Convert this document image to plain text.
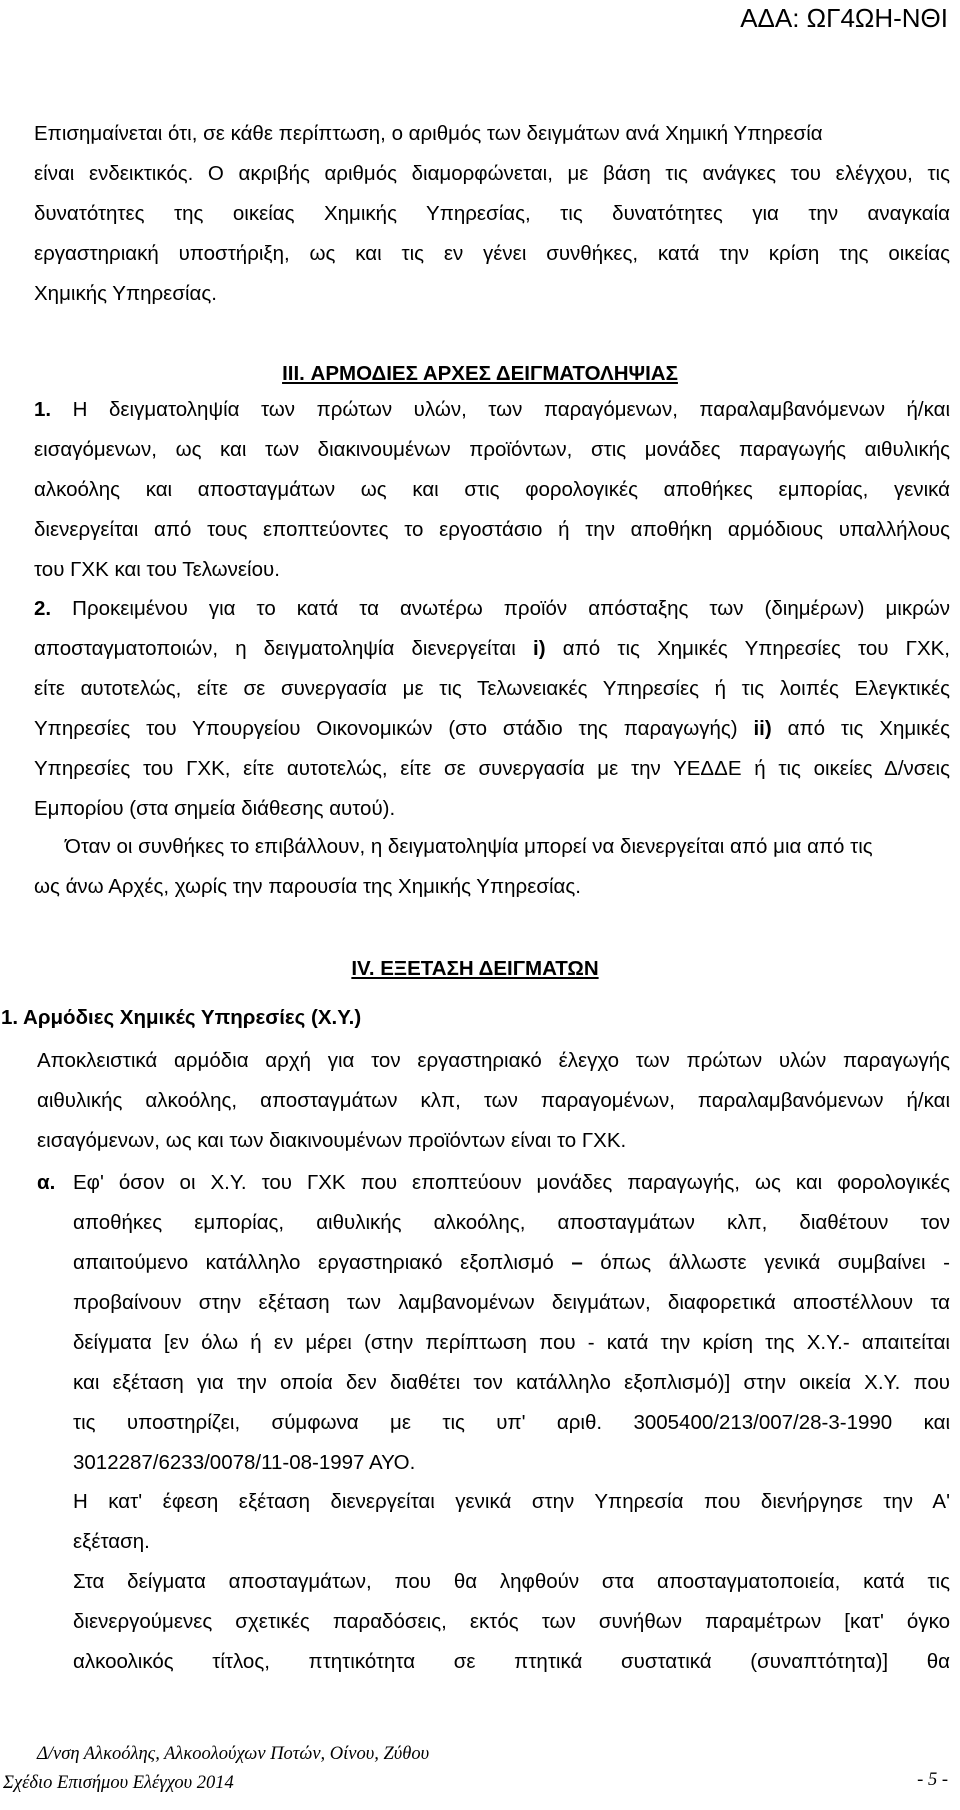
ΑΔΑ: ΩΓ4ΩΗ-ΝΘΙ
Επισημαίνεται ότι, σε κάθε περίπτωση, ο αριθμός των δειγμάτων ανά Χημική Υπηρεσία
είναι ενδεικτικός. Ο ακριβής αριθμός διαμορφώνεται, με βάση τις ανάγκες του ελέγχου, τις
δυνατότητες της οικείας Χημικής Υπηρεσίας, τις δυνατότητες για την αναγκαία
εργαστηριακή υποστήριξη, ως και τις εν γένει συνθήκες, κατά την κρίση της οικείας
Χημικής Υπηρεσίας.
III. ΑΡΜΟΔΙΕΣ ΑΡΧΕΣ ΔΕΙΓΜΑΤΟΛΗΨΙΑΣ
1. Η δειγματοληψία των πρώτων υλών, των παραγόμενων, παραλαμβανόμενων ή/και
εισαγόμενων, ως και των διακινουμένων προϊόντων, στις μονάδες παραγωγής αιθυλικής
αλκοόλης και αποσταγμάτων ως και στις φορολογικές αποθήκες εμπορίας, γενικά
διενεργείται από τους εποπτεύοντες το εργοστάσιο ή την αποθήκη αρμόδιους υπαλλήλους
του ΓΧΚ και του Τελωνείου.
2. Προκειμένου για το κατά τα ανωτέρω προϊόν απόσταξης των (διημέρων) μικρών
αποσταγματοποιών, η δειγματοληψία διενεργείται i) από τις Χημικές Υπηρεσίες του ΓΧΚ,
είτε αυτοτελώς, είτε σε συνεργασία με τις Τελωνειακές Υπηρεσίες ή τις λοιπές Ελεγκτικές
Υπηρεσίες του Υπουργείου Οικονομικών (στο στάδιο της παραγωγής) ii) από τις Χημικές
Υπηρεσίες του ΓΧΚ, είτε αυτοτελώς, είτε σε συνεργασία με την ΥΕΔΔΕ ή τις οικείες Δ/νσεις
Εμπορίου (στα σημεία διάθεσης αυτού).
Όταν οι συνθήκες το επιβάλλουν, η δειγματοληψία μπορεί να διενεργείται από μια από τις
ως άνω Αρχές, χωρίς την παρουσία της Χημικής Υπηρεσίας.
IV. ΕΞΕΤΑΣΗ ΔΕΙΓΜΑΤΩΝ
1. Αρμόδιες Χημικές Υπηρεσίες (Χ.Υ.)
Αποκλειστικά αρμόδια αρχή για τον εργαστηριακό έλεγχο των πρώτων υλών παραγωγής
αιθυλικής αλκοόλης, αποσταγμάτων κλπ, των παραγομένων, παραλαμβανόμενων ή/και
εισαγόμενων, ως και των διακινουμένων προϊόντων είναι το ΓΧΚ.
α. Εφ' όσον οι Χ.Υ. του ΓΧΚ που εποπτεύουν μονάδες παραγωγής, ως και φορολογικές
αποθήκες εμπορίας, αιθυλικής αλκοόλης, αποσταγμάτων κλπ, διαθέτουν τον
απαιτούμενο κατάλληλο εργαστηριακό εξοπλισμό – όπως άλλωστε γενικά συμβαίνει -
προβαίνουν στην εξέταση των λαμβανομένων δειγμάτων, διαφορετικά αποστέλλουν τα
δείγματα [εν όλω ή εν μέρει (στην περίπτωση που - κατά την κρίση της Χ.Υ.- απαιτείται
και εξέταση για την οποία δεν διαθέτει τον κατάλληλο εξοπλισμό)] στην οικεία Χ.Υ. που
τις υποστηρίζει, σύμφωνα με τις υπ' αριθ. 3005400/213/007/28-3-1990 και
3012287/6233/0078/11-08-1997 ΑΥΟ.
Η κατ' έφεση εξέταση διενεργείται γενικά στην Υπηρεσία που διενήργησε την Α'
εξέταση.
Στα δείγματα αποσταγμάτων, που θα ληφθούν στα αποσταγματοποιεία, κατά τις
διενεργούμενες σχετικές παραδόσεις, εκτός των συνήθων παραμέτρων [κατ' όγκο
αλκοολικός τίτλος, πτητικότητα σε πτητικά συστατικά (συναπτότητα)] θα
Δ/νση Αλκοόλης, Αλκοολούχων Ποτών, Οίνου, Ζύθου
Σχέδιο Επισήμου Ελέγχου 2014	- 5 -
